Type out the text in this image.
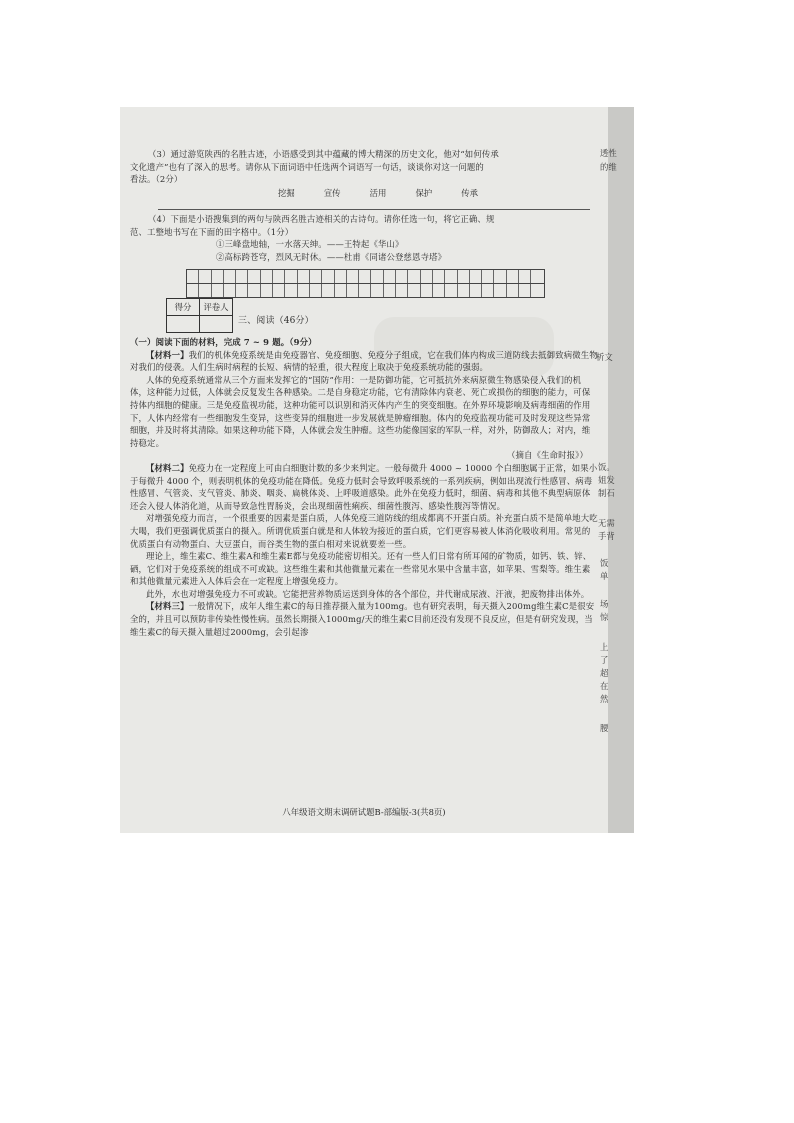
（3）通过游览陕西的名胜古迹，小语感受到其中蕴藏的博大精深的历史文化，他对“如何传承
文化遗产”也有了深入的思考。请你从下面词语中任选两个词语写一句话，谈谈你对这一问题的
看法。（2分）
挖掘	宣传	活用	保护	传承
（4）下面是小语搜集到的两句与陕西名胜古迹相关的古诗句。请你任选一句，将它正确、规
范、工整地书写在下面的田字格中。（1分）
①三峰盘地轴，一水落天绅。——王特起《华山》
②高标跨苍穹，烈风无时休。——杜甫《同诸公登慈恩寺塔》
得分	评卷人

三、阅读（46分）
（一）阅读下面的材料，完成 7 ~ 9 题。（9分）
【材料一】我们的机体免疫系统是由免疫器官、免疫细胞、免疫分子组成，它在我们体内构成三道防线去抵御致病微生物对我们的侵袭。人们生病时病程的长短、病情的轻重，很大程度上取决于免疫系统功能的强弱。
人体的免疫系统通常从三个方面来发挥它的“国防”作用：一是防御功能，它可抵抗外来病原微生物感染侵入我们的机体，这种能力过低，人体就会反复发生各种感染。二是自身稳定功能，它有清除体内衰老、死亡或损伤的细胞的能力，可保持体内细胞的健康。三是免疫监视功能，这种功能可以识别和消灭体内产生的突变细胞。在外界环境影响及病毒细菌的作用下，人体内经常有一些细胞发生变异，这些变异的细胞进一步发展就是肿瘤细胞。体内的免疫监视功能可及时发现这些异常细胞，并及时将其清除。如果这种功能下降，人体就会发生肿瘤。这些功能像国家的军队一样，对外，防御敌人；对内，维持稳定。
（摘自《生命时报》）
【材料二】免疫力在一定程度上可由白细胞计数的多少来判定。一般每微升 4000 ~ 10000 个白细胞属于正常，如果小于每微升 4000 个，则表明机体的免疫功能在降低。免疫力低时会导致呼吸系统的一系列疾病，例如出现流行性感冒、病毒性感冒、气管炎、支气管炎、肺炎、咽炎、扁桃体炎、上呼吸道感染。此外在免疫力低时，细菌、病毒和其他不典型病原体还会入侵人体消化道，从而导致急性胃肠炎，会出现细菌性痢疾、细菌性腹泻、感染性腹泻等情况。
对增强免疫力而言，一个很重要的因素是蛋白质，人体免疫三道防线的组成都离不开蛋白质。补充蛋白质不是简单地大吃大喝，我们更强调优质蛋白的摄入。所谓优质蛋白就是和人体较为接近的蛋白质，它们更容易被人体消化吸收利用。常见的优质蛋白有动物蛋白、大豆蛋白，而谷类生物的蛋白相对来说就要差一些。
理论上，维生素C、维生素A和维生素E都与免疫功能密切相关。还有一些人们日常有所耳闻的矿物质，如钙、铁、锌、硒，它们对于免疫系统的组成不可或缺。这些维生素和其他微量元素在一些常见水果中含量丰富，如苹果、雪梨等。维生素和其他微量元素进入人体后会在一定程度上增强免疫力。
此外，水也对增强免疫力不可或缺。它能把营养物质运送到身体的各个部位，并代谢成尿液、汗液，把废物排出体外。
【材料三】一般情况下，成年人维生素C的每日推荐摄入量为100mg。也有研究表明，每天摄入200mg维生素C是很安全的，并且可以预防非传染性慢性病。虽然长期摄入1000mg/天的维生素C目前还没有发现不良反应，但是有研究发现，当维生素C的每天摄入量超过2000mg，会引起渗
八年级语文期末调研试题B-部编版-3(共8页)
透性
的维
析文
饭。
姐发
制石
无需
手背
饭
单
场
惊
上
了
超
在
然
腰
